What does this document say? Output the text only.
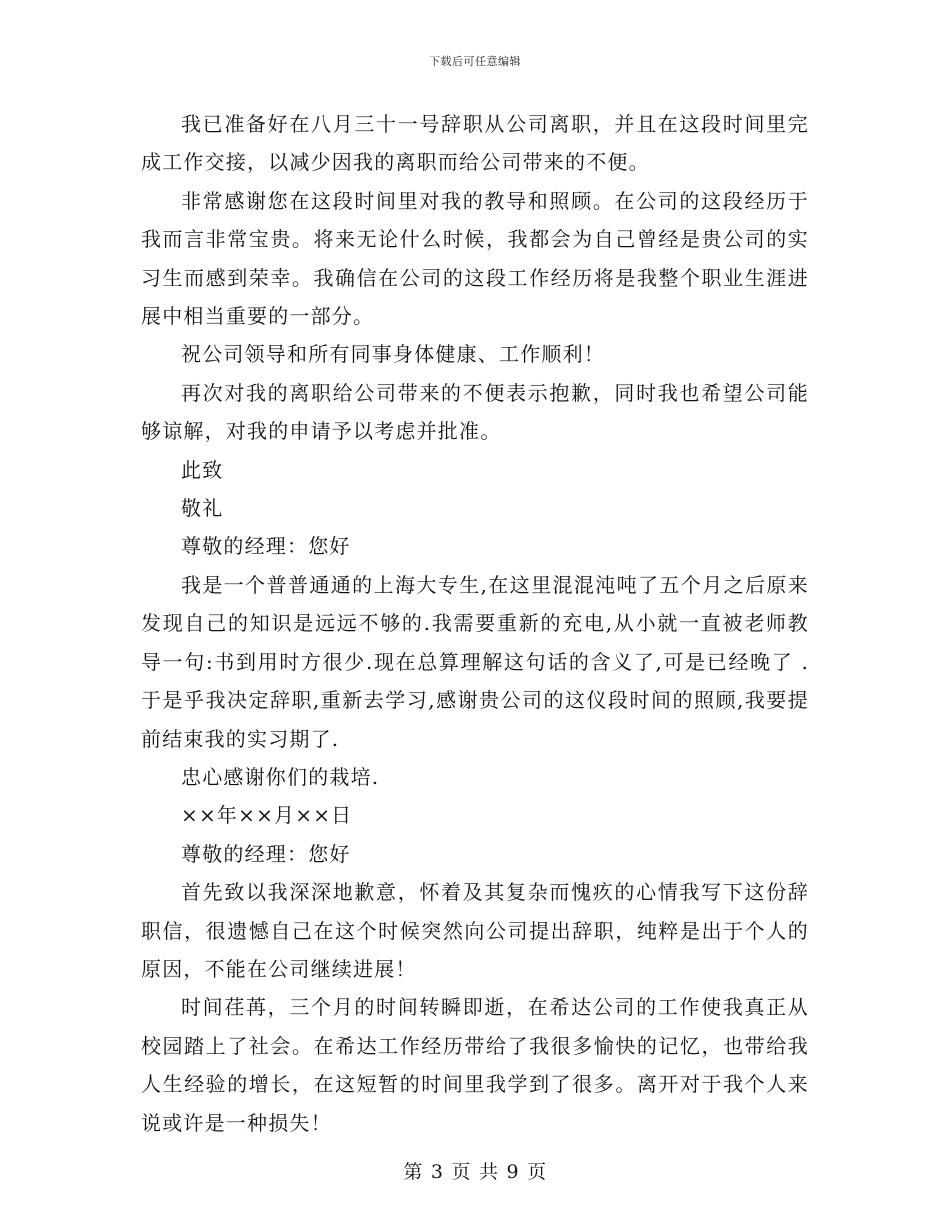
下载后可任意编辑

我已准备好在八月三十一号辞职从公司离职，并且在这段时间里完成工作交接，以减少因我的离职而给公司带来的不便。

非常感谢您在这段时间里对我的教导和照顾。在公司的这段经历于我而言非常宝贵。将来无论什么时候，我都会为自己曾经是贵公司的实习生而感到荣幸。我确信在公司的这段工作经历将是我整个职业生涯进展中相当重要的一部分。

祝公司领导和所有同事身体健康、工作顺利！

再次对我的离职给公司带来的不便表示抱歉，同时我也希望公司能够谅解，对我的申请予以考虑并批准。

此致

敬礼

尊敬的经理：您好

我是一个普普通通的上海大专生,在这里混混沌吨了五个月之后原来发现自己的知识是远远不够的.我需要重新的充电,从小就一直被老师教导一句:书到用时方很少.现在总算理解这句话的含义了,可是已经晚了 .于是乎我决定辞职,重新去学习,感谢贵公司的这仪段时间的照顾,我要提前结束我的实习期了.

忠心感谢你们的栽培.

××年××月××日

尊敬的经理：您好

首先致以我深深地歉意，怀着及其复杂而愧疚的心情我写下这份辞职信，很遗憾自己在这个时候突然向公司提出辞职，纯粹是出于个人的原因，不能在公司继续进展！

时间荏苒，三个月的时间转瞬即逝，在希达公司的工作使我真正从校园踏上了社会。在希达工作经历带给了我很多愉快的记忆，也带给我人生经验的增长，在这短暂的时间里我学到了很多。离开对于我个人来说或许是一种损失！

第 3 页 共 9 页
